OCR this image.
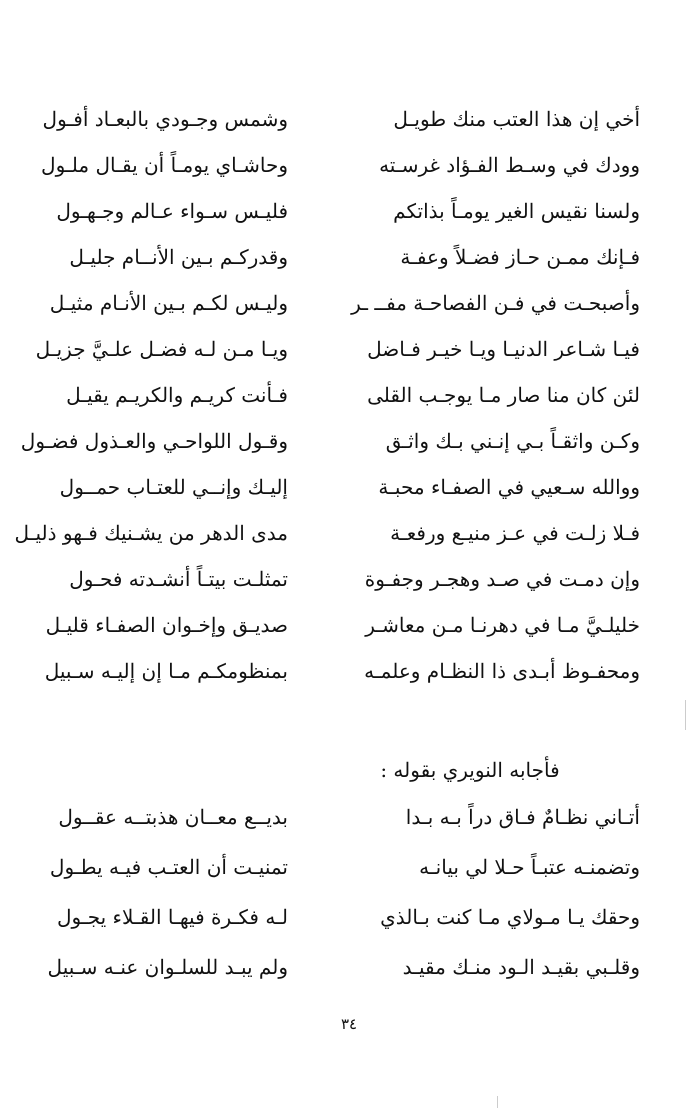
أخي إن هذا العتب منك طويـل
وشمس وجـودي بالبعـاد أفـول
وودك في وسـط الفـؤاد غرسـته
وحاشـاي يومـاً أن يقـال ملـول
ولسنا نقيس الغير يومـاً بذاتكم
فليـس سـواء عـالم وجـهـول
فـإنك ممـن حـاز فضـلاً وعفـة
وقدركـم بـين الأنــام جليـل
وأصبحـت في فـن الفصاحـة مفــ ـر
وليـس لكـم بـين الأنـام مثيـل
فيـا شـاعر الدنيـا ويـا خيـر فـاضل
ويـا مـن لـه فضـل علـيَّ جزيـل
لئن كان منا صار مـا يوجـب القلى
فـأنت كريـم والكريـم يقيـل
وكـن واثقـاً بـي إنـني بـك واثـق
وقـول اللواحـي والعـذول فضـول
ووالله سـعيي في الصفـاء محبـة
إليـك وإنــي للعتـاب حمــول
فـلا زلـت في عـز منيـع ورفعـة
مدى الدهر من يشـنيك فـهو ذليـل
وإن دمـت في صـد وهجـر وجفـوة
تمثلـت بيتـاً أنشـدته فحـول
خليلـيَّ مـا في دهرنـا مـن معاشـر
صديـق وإخـوان الصفـاء قليـل
ومحفـوظ أبـدى ذا النظـام وعلمـه
بمنظومكـم مـا إن إليـه سـبيل
فأجابه النويري بقوله :
أتـاني نظـامٌ فـاق دراً بـه بـدا
بديــع معــان هذبتــه عقــول
وتضمنـه عتبـاً حـلا لي بيانـه
تمنيـت أن العتـب فيـه يطـول
وحقك يـا مـولاي مـا كنت بـالذي
لـه فكـرة فيهـا القـلاء يجـول
وقلـبي بقيـد الـود منـك مقيـد
ولم يبـد للسلـوان عنـه سـبيل
٣٤
